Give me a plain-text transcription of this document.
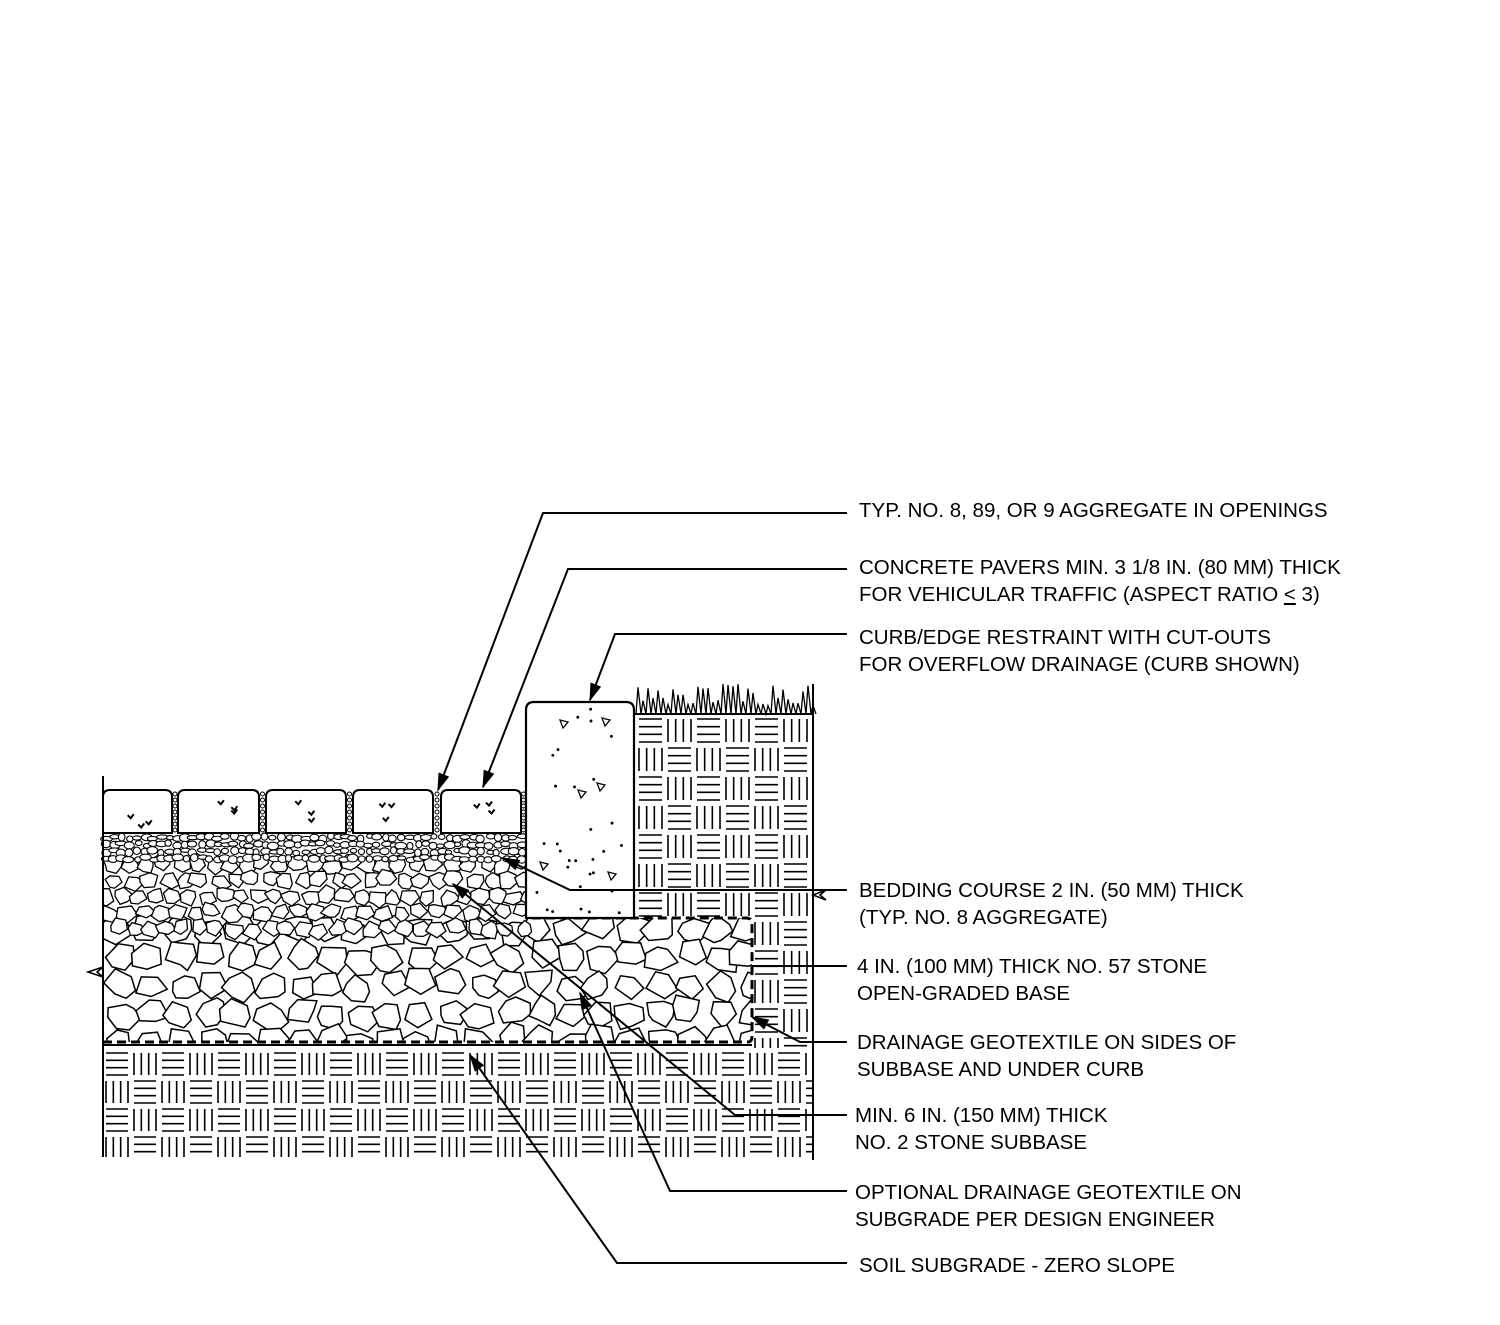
TYP. NO. 8, 89, OR 9 AGGREGATE IN OPENINGS
CONCRETE PAVERS MIN. 3 1/8 IN. (80 MM) THICK
FOR VEHICULAR TRAFFIC (ASPECT RATIO < 3)
CURB/EDGE RESTRAINT WITH CUT-OUTS
FOR OVERFLOW DRAINAGE (CURB SHOWN)
BEDDING COURSE 2 IN. (50 MM) THICK
(TYP. NO. 8 AGGREGATE)
4 IN. (100 MM) THICK NO. 57 STONE
OPEN-GRADED BASE
DRAINAGE GEOTEXTILE ON SIDES OF
SUBBASE AND UNDER CURB
MIN. 6 IN. (150 MM) THICK
NO. 2 STONE SUBBASE
OPTIONAL DRAINAGE GEOTEXTILE ON
SUBGRADE PER DESIGN ENGINEER
SOIL SUBGRADE - ZERO SLOPE
